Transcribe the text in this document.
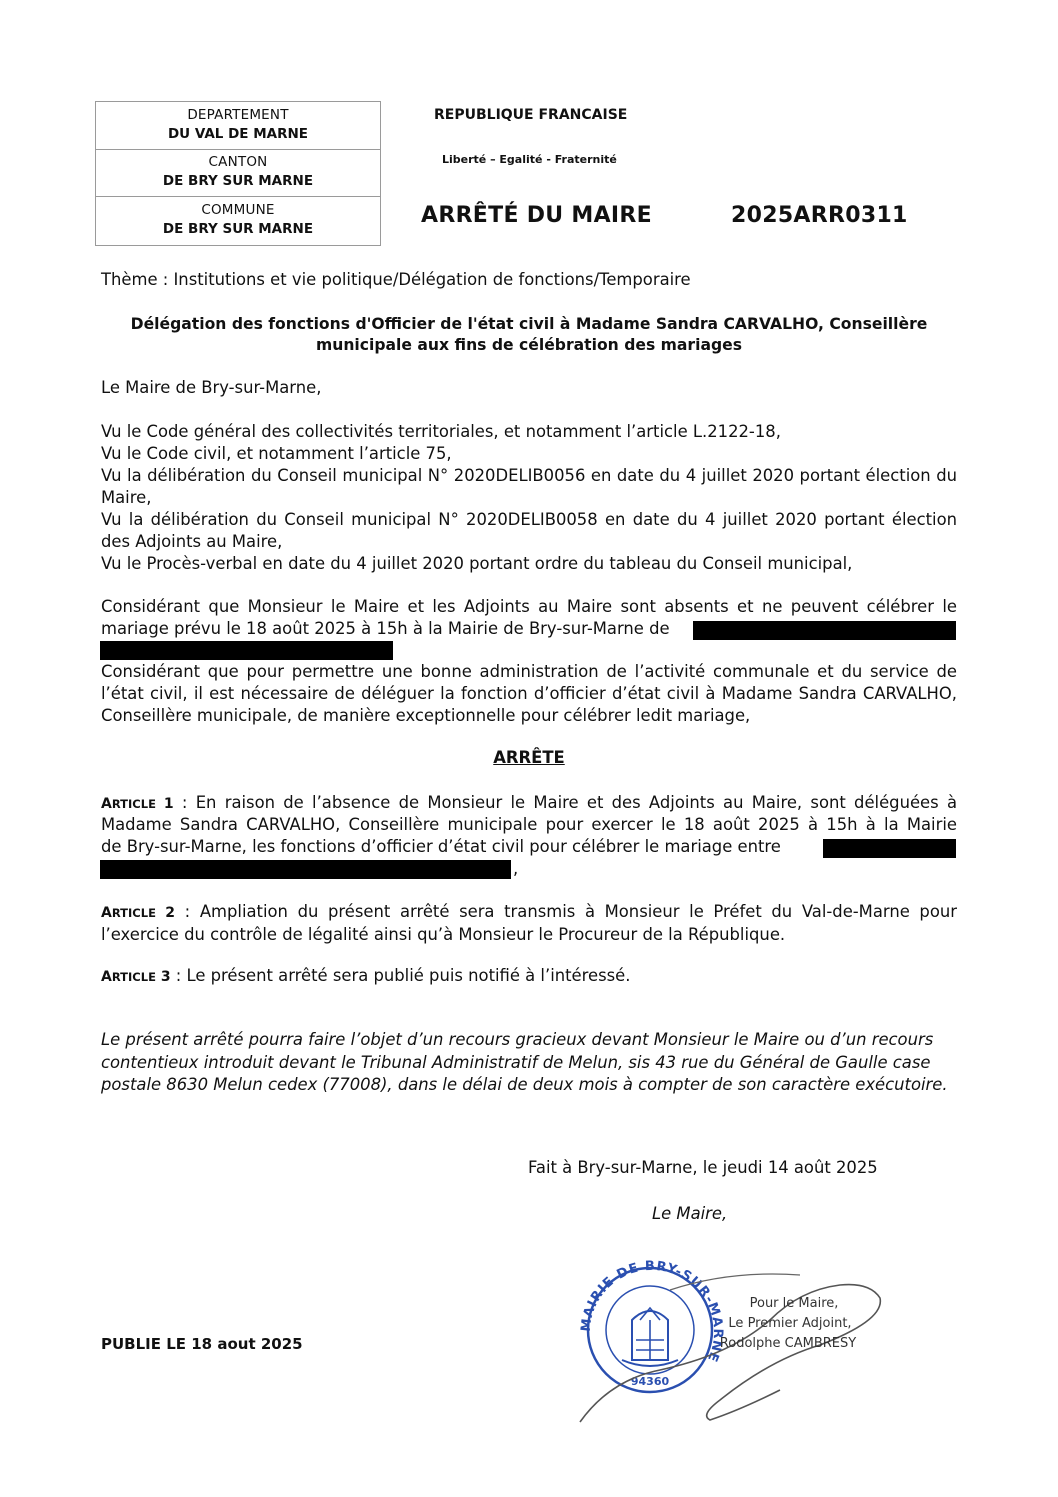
DEPARTEMENT
DU VAL DE MARNE
CANTON
DE BRY SUR MARNE
COMMUNE
DE BRY SUR MARNE
REPUBLIQUE FRANCAISE
Liberté – Egalité - Fraternité
ARRÊTÉ DU MAIRE	2025ARR0311
Thème : Institutions et vie politique/Délégation de fonctions/Temporaire
Délégation des fonctions d'Officier de l'état civil à Madame Sandra CARVALHO, Conseillère
municipale aux fins de célébration des mariages
Le Maire de Bry-sur-Marne,
Vu le Code général des collectivités territoriales, et notamment l’article L.2122-18,
Vu le Code civil, et notamment l’article 75,
Vu la délibération du Conseil municipal N° 2020DELIB0056 en date du 4 juillet 2020 portant élection du Maire,
Vu la délibération du Conseil municipal N° 2020DELIB0058 en date du 4 juillet 2020 portant élection des Adjoints au Maire,
Vu le Procès-verbal en date du 4 juillet 2020 portant ordre du tableau du Conseil municipal,
Considérant que Monsieur le Maire et les Adjoints au Maire sont absents et ne peuvent célébrer le
mariage prévu le 18 août 2025 à 15h à la Mairie de Bry-sur-Marne de
Considérant que pour permettre une bonne administration de l’activité communale et du service de l’état civil, il est nécessaire de déléguer la fonction d’officier d’état civil à Madame Sandra CARVALHO, Conseillère municipale, de manière exceptionnelle pour célébrer ledit mariage,
ARRÊTE
ARTICLE 1 : En raison de l’absence de Monsieur le Maire et des Adjoints au Maire, sont déléguées à
Madame Sandra CARVALHO, Conseillère municipale pour exercer le 18 août 2025 à 15h à la Mairie
de Bry-sur-Marne, les fonctions d’officier d’état civil pour célébrer le mariage entre
,
ARTICLE 2 : Ampliation du présent arrêté sera transmis à Monsieur le Préfet du Val-de-Marne pour l’exercice du contrôle de légalité ainsi qu’à Monsieur le Procureur de la République.
ARTICLE 3 : Le présent arrêté sera publié puis notifié à l’intéressé.
Le présent arrêté pourra faire l’objet d’un recours gracieux devant Monsieur le Maire ou d’un recours contentieux introduit devant le Tribunal Administratif de Melun, sis 43 rue du Général de Gaulle case postale 8630 Melun cedex (77008), dans le délai de deux mois à compter de son caractère exécutoire.
Fait à Bry-sur-Marne, le jeudi 14 août 2025
Le Maire,
PUBLIE LE 18 aout 2025
MAIRIE DE BRY-SUR-MARNE
94360
Pour le Maire,
Le Premier Adjoint,
Rodolphe CAMBRESY
